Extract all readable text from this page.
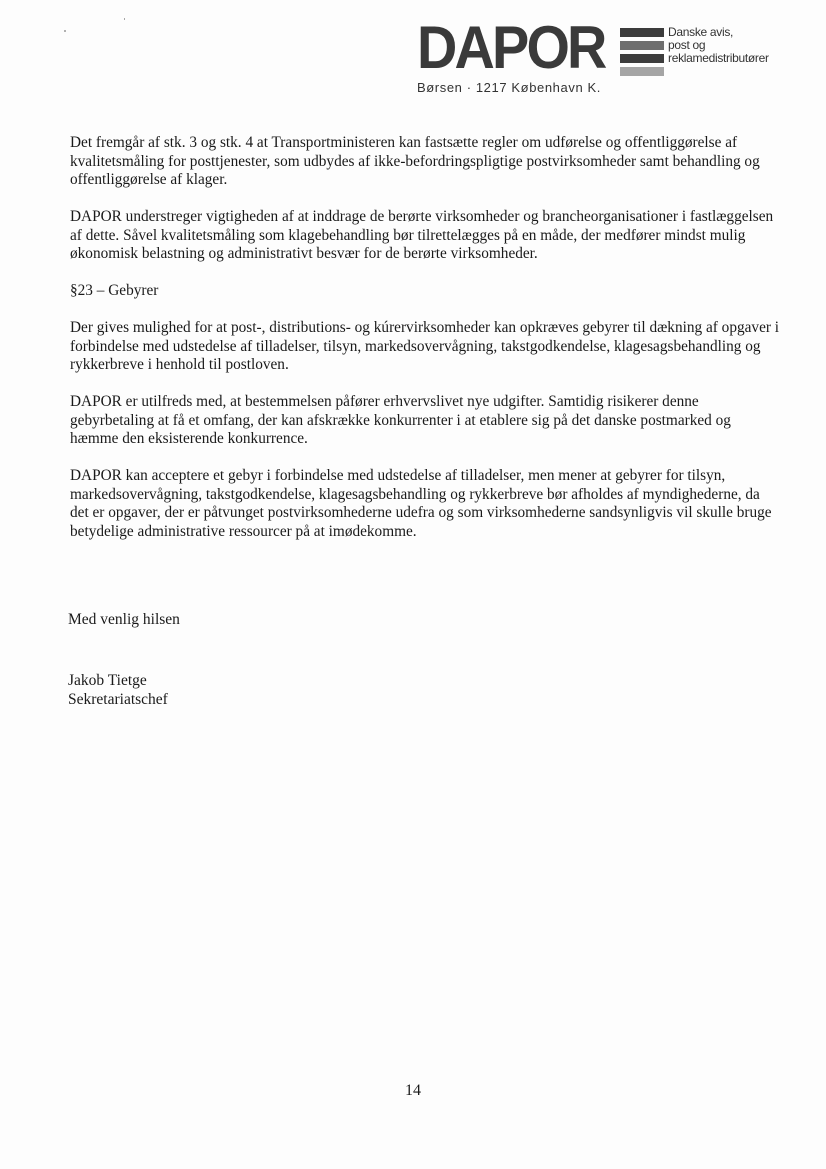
DAPOR	Danske avis,
post og
reklamedistributører
Børsen · 1217 København K.

Det fremgår af stk. 3 og stk. 4 at Transportministeren kan fastsætte regler om udførelse og offentliggørelse af kvalitetsmåling for posttjenester, som udbydes af ikke-befordringspligtige postvirksomheder samt behandling og offentliggørelse af klager.

DAPOR understreger vigtigheden af at inddrage de berørte virksomheder og brancheorganisationer i fastlæggelsen af dette. Såvel kvalitetsmåling som klagebehandling bør tilrettelægges på en måde, der medfører mindst mulig økonomisk belastning og administrativt besvær for de berørte virksomheder.

§23 – Gebyrer

Der gives mulighed for at post-, distributions- og kúrervirksomheder kan opkræves gebyrer til dækning af opgaver i forbindelse med udstedelse af tilladelser, tilsyn, markedsovervågning, takstgodkendelse, klagesagsbehandling og rykkerbreve i henhold til postloven.

DAPOR er utilfreds med, at bestemmelsen påfører erhvervslivet nye udgifter. Samtidig risikerer denne gebyrbetaling at få et omfang, der kan afskrække konkurrenter i at etablere sig på det danske postmarked og hæmme den eksisterende konkurrence.

DAPOR kan acceptere et gebyr i forbindelse med udstedelse af tilladelser, men mener at gebyrer for tilsyn, markedsovervågning, takstgodkendelse, klagesagsbehandling og rykkerbreve bør afholdes af myndighederne, da det er opgaver, der er påtvunget postvirksomhederne udefra og som virksomhederne sandsynligvis vil skulle bruge betydelige administrative ressourcer på at imødekomme.

Med venlig hilsen
Jakob Tietge
Sekretariatschef
14
